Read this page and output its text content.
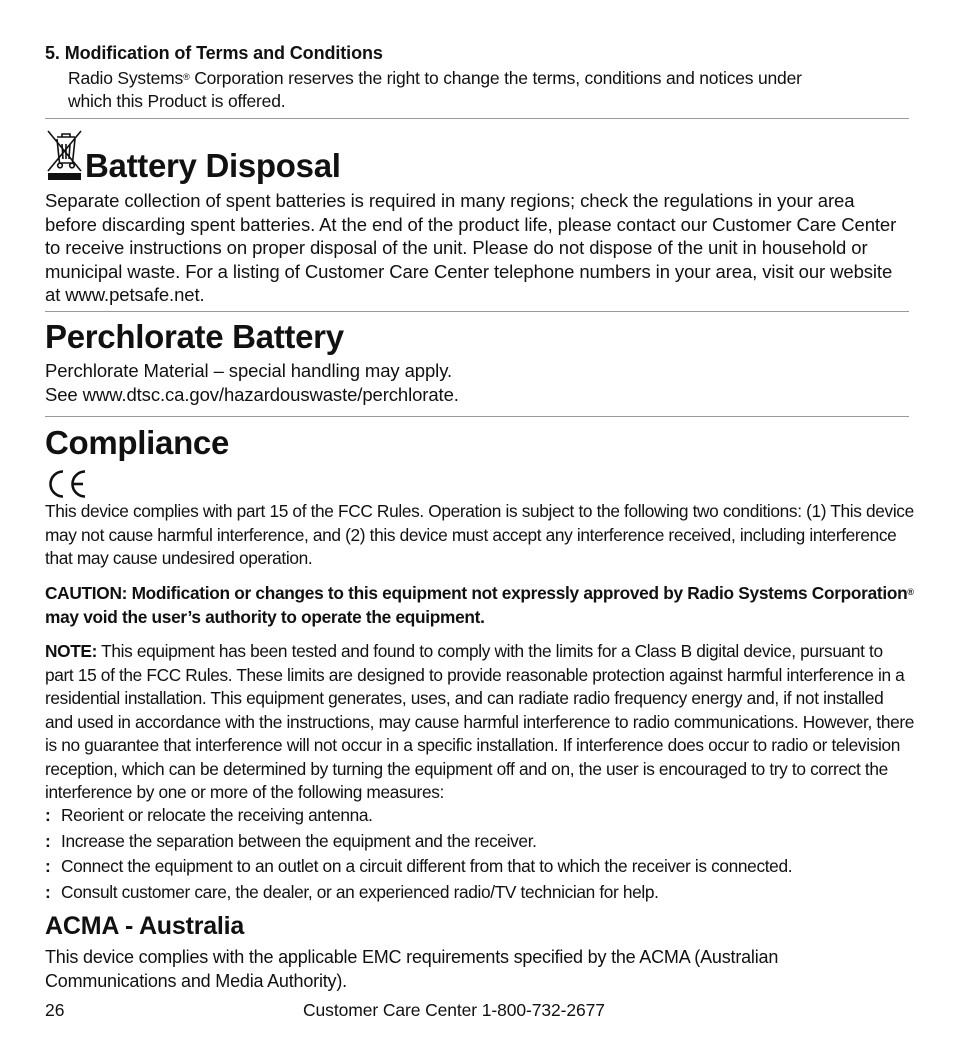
5. Modification of Terms and Conditions
Radio Systems® Corporation reserves the right to change the terms, conditions and notices under
which this Product is offered.
Battery Disposal
Separate collection of spent batteries is required in many regions; check the regulations in your area before discarding spent batteries. At the end of the product life, please contact our Customer Care Center to receive instructions on proper disposal of the unit. Please do not dispose of the unit in household or municipal waste. For a listing of Customer Care Center telephone numbers in your area, visit our website at www.petsafe.net.
Perchlorate Battery
Perchlorate Material – special handling may apply.
See www.dtsc.ca.gov/hazardouswaste/perchlorate.
Compliance
This device complies with part 15 of the FCC Rules. Operation is subject to the following two conditions: (1) This device may not cause harmful interference, and (2) this device must accept any interference received, including interference that may cause undesired operation.
CAUTION: Modification or changes to this equipment not expressly approved by Radio Systems Corporation® may void the user’s authority to operate the equipment.
NOTE: This equipment has been tested and found to comply with the limits for a Class B digital device, pursuant to part 15 of the FCC Rules. These limits are designed to provide reasonable protection against harmful interference in a residential installation. This equipment generates, uses, and can radiate radio frequency energy and, if not installed and used in accordance with the instructions, may cause harmful interference to radio communications. However, there is no guarantee that interference will not occur in a specific installation. If interference does occur to radio or television reception, which can be determined by turning the equipment off and on, the user is encouraged to try to correct the interference by one or more of the following measures:
: Reorient or relocate the receiving antenna.
: Increase the separation between the equipment and the receiver.
: Connect the equipment to an outlet on a circuit different from that to which the receiver is connected.
: Consult customer care, the dealer, or an experienced radio/TV technician for help.
ACMA - Australia
This device complies with the applicable EMC requirements specified by the ACMA (Australian Communications and Media Authority).
26	Customer Care Center 1-800-732-2677
